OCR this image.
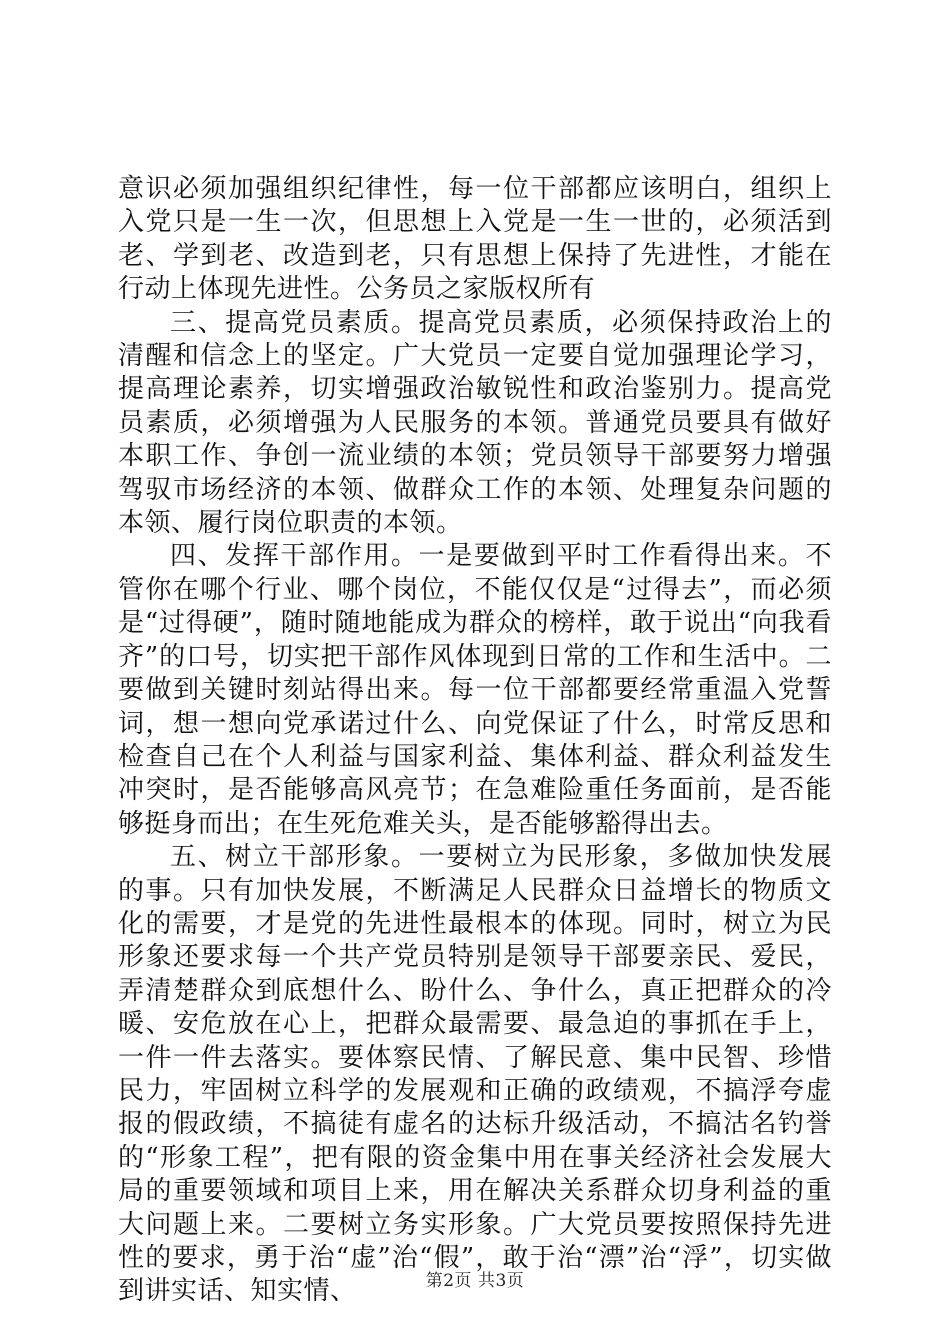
意识必须加强组织纪律性，每一位干部都应该明白，组织上入党只是一生一次，但思想上入党是一生一世的，必须活到老、学到老、改造到老，只有思想上保持了先进性，才能在行动上体现先进性。公务员之家版权所有

三、提高党员素质。提高党员素质，必须保持政治上的清醒和信念上的坚定。广大党员一定要自觉加强理论学习，提高理论素养，切实增强政治敏锐性和政治鉴别力。提高党员素质，必须增强为人民服务的本领。普通党员要具有做好本职工作、争创一流业绩的本领；党员领导干部要努力增强驾驭市场经济的本领、做群众工作的本领、处理复杂问题的本领、履行岗位职责的本领。

四、发挥干部作用。一是要做到平时工作看得出来。不管你在哪个行业、哪个岗位，不能仅仅是“过得去”，而必须是“过得硬”，随时随地能成为群众的榜样，敢于说出“向我看齐”的口号，切实把干部作风体现到日常的工作和生活中。二要做到关键时刻站得出来。每一位干部都要经常重温入党誓词，想一想向党承诺过什么、向党保证了什么，时常反思和检查自己在个人利益与国家利益、集体利益、群众利益发生冲突时，是否能够高风亮节；在急难险重任务面前，是否能够挺身而出；在生死危难关头，是否能够豁得出去。

五、树立干部形象。一要树立为民形象，多做加快发展的事。只有加快发展，不断满足人民群众日益增长的物质文化的需要，才是党的先进性最根本的体现。同时，树立为民形象还要求每一个共产党员特别是领导干部要亲民、爱民，弄清楚群众到底想什么、盼什么、争什么，真正把群众的冷暖、安危放在心上，把群众最需要、最急迫的事抓在手上，一件一件去落实。要体察民情、了解民意、集中民智、珍惜民力，牢固树立科学的发展观和正确的政绩观，不搞浮夸虚报的假政绩，不搞徒有虚名的达标升级活动，不搞沽名钓誉的“形象工程”，把有限的资金集中用在事关经济社会发展大局的重要领域和项目上来，用在解决关系群众切身利益的重大问题上来。二要树立务实形象。广大党员要按照保持先进性的要求，勇于治“虚”治“假”，敢于治“漂”治“浮”，切实做到讲实话、知实情、	第2页 共3页
